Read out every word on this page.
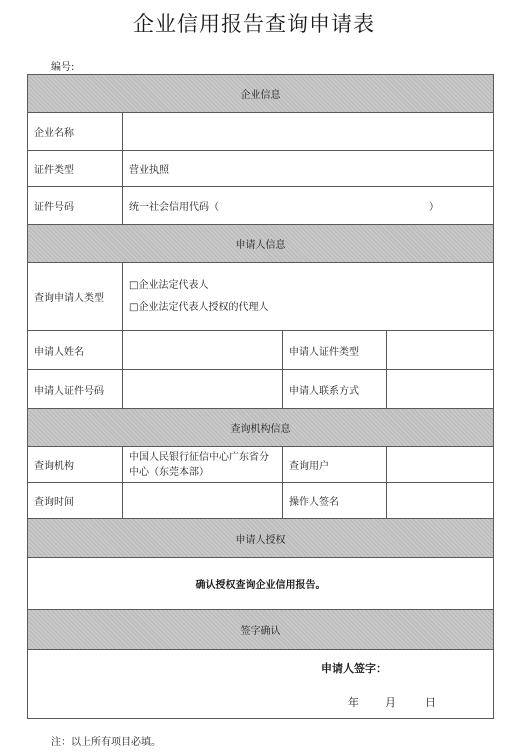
企业信用报告查询申请表
编号:
企业信息			
企业名称			
证件类型	营业执照		
证件号码	统一社会信用代码（ ）		

申请人信息			
查询申请人类型	□企业法定代表人
□企业法定代表人授权的代理人		

申请人姓名		申请人证件类型	
申请人证件号码		申请人联系方式	
查询机构信息			
查询机构	中国人民银行征信中心广东省分中心（东莞本部）	查询用户	
查询时间		操作人签名	
申请人授权			
确认授权查询企业信用报告。			
签字确认			

申请人签字：
年 月 日			
注：以上所有项目必填。
